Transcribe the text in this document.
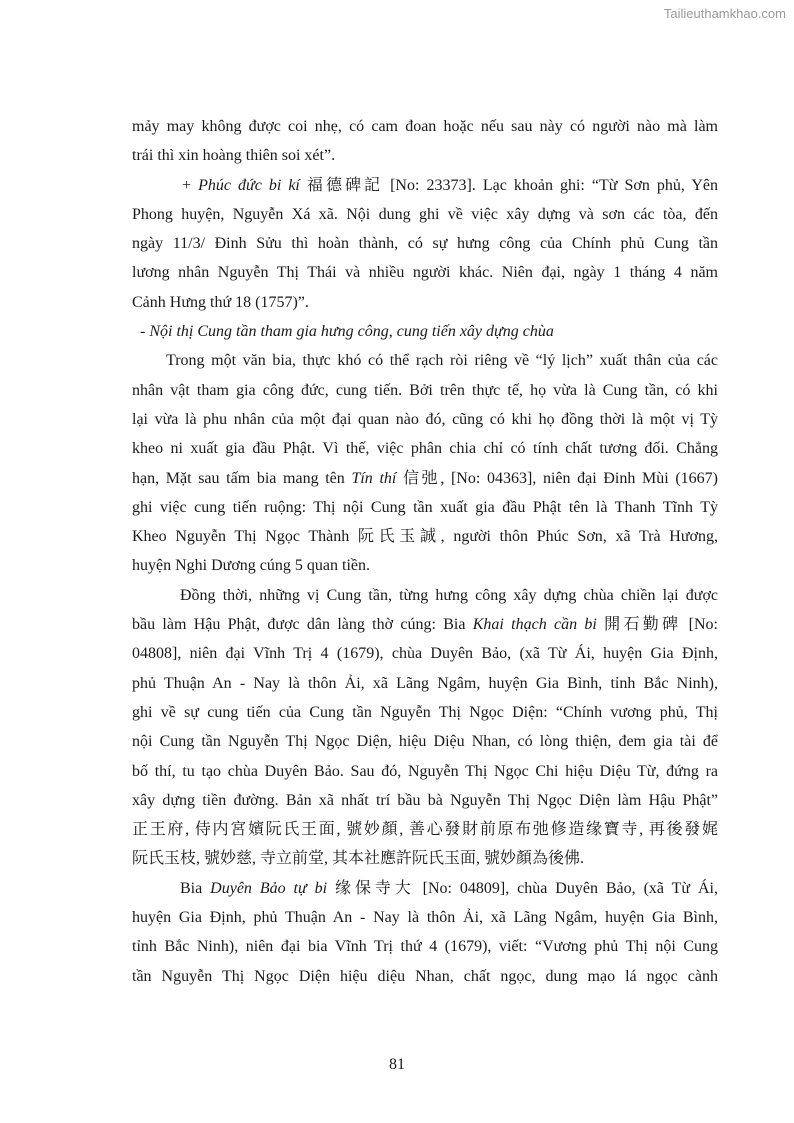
Tailieuthamkhao.com
mảy may không được coi nhẹ, có cam đoan hoặc nếu sau này có người nào mà làm
trái thì xin hoàng thiên soi xét”.
+ Phúc đức bi kí 福德碑記 [No: 23373]. Lạc khoản ghi: “Từ Sơn phủ, Yên
Phong huyện, Nguyễn Xá xã. Nội dung ghi về việc xây dựng và sơn các tòa, đến
ngày 11/3/ Đinh Sửu thì hoàn thành, có sự hưng công của Chính phủ Cung tần
lương nhân Nguyễn Thị Thái và nhiều người khác. Niên đại, ngày 1 tháng 4 năm
Cảnh Hưng thứ 18 (1757)”.
- Nội thị Cung tần tham gia hưng công, cung tiến xây dựng chùa
Trong một văn bia, thực khó có thể rạch ròi riêng về “lý lịch” xuất thân của các
nhân vật tham gia công đức, cung tiến. Bởi trên thực tế, họ vừa là Cung tần, có khi
lại vừa là phu nhân của một đại quan nào đó, cũng có khi họ đồng thời là một vị Tỳ
kheo ni xuất gia đầu Phật. Vì thế, việc phân chia chỉ có tính chất tương đối. Chẳng
hạn, Mặt sau tấm bia mang tên Tín thí 信弛, [No: 04363], niên đại Đinh Mùi (1667)
ghi việc cung tiến ruộng: Thị nội Cung tần xuất gia đầu Phật tên là Thanh Tĩnh Tỳ
Kheo Nguyễn Thị Ngọc Thành 阮氏玉誠, người thôn Phúc Sơn, xã Trà Hương,
huyện Nghi Dương cúng 5 quan tiền.
Đồng thời, những vị Cung tần, từng hưng công xây dựng chùa chiền lại được
bầu làm Hậu Phật, được dân làng thờ cúng: Bia Khai thạch cần bi 開石勤碑 [No:
04808], niên đại Vĩnh Trị 4 (1679), chùa Duyên Bảo, (xã Từ Ái, huyện Gia Định,
phủ Thuận An - Nay là thôn Ải, xã Lãng Ngâm, huyện Gia Bình, tỉnh Bắc Ninh),
ghi về sự cung tiến của Cung tần Nguyễn Thị Ngọc Diện: “Chính vương phủ, Thị
nội Cung tần Nguyễn Thị Ngọc Diện, hiệu Diệu Nhan, có lòng thiện, đem gia tài để
bố thí, tu tạo chùa Duyên Bảo. Sau đó, Nguyễn Thị Ngọc Chi hiệu Diệu Từ, đứng ra
xây dựng tiền đường. Bản xã nhất trí bầu bà Nguyễn Thị Ngọc Diện làm Hậu Phật”
正王府, 侍内宮嬪阮氏王面, 號妙顏, 善心發財前原布弛修造缘寶寺, 再後發娓
阮氏玉枝, 號妙慈, 寺立前堂, 其本社應許阮氏玉面, 號妙顏為後佛.
Bia Duyên Bảo tự bi 缘保寺大 [No: 04809], chùa Duyên Bảo, (xã Từ Ái,
huyện Gia Định, phủ Thuận An - Nay là thôn Ải, xã Lãng Ngâm, huyện Gia Bình,
tỉnh Bắc Ninh), niên đại bia Vĩnh Trị thứ 4 (1679), viết: “Vương phủ Thị nội Cung
tần Nguyễn Thị Ngọc Diện hiệu diệu Nhan, chất ngọc, dung mạo lá ngọc cành
81
